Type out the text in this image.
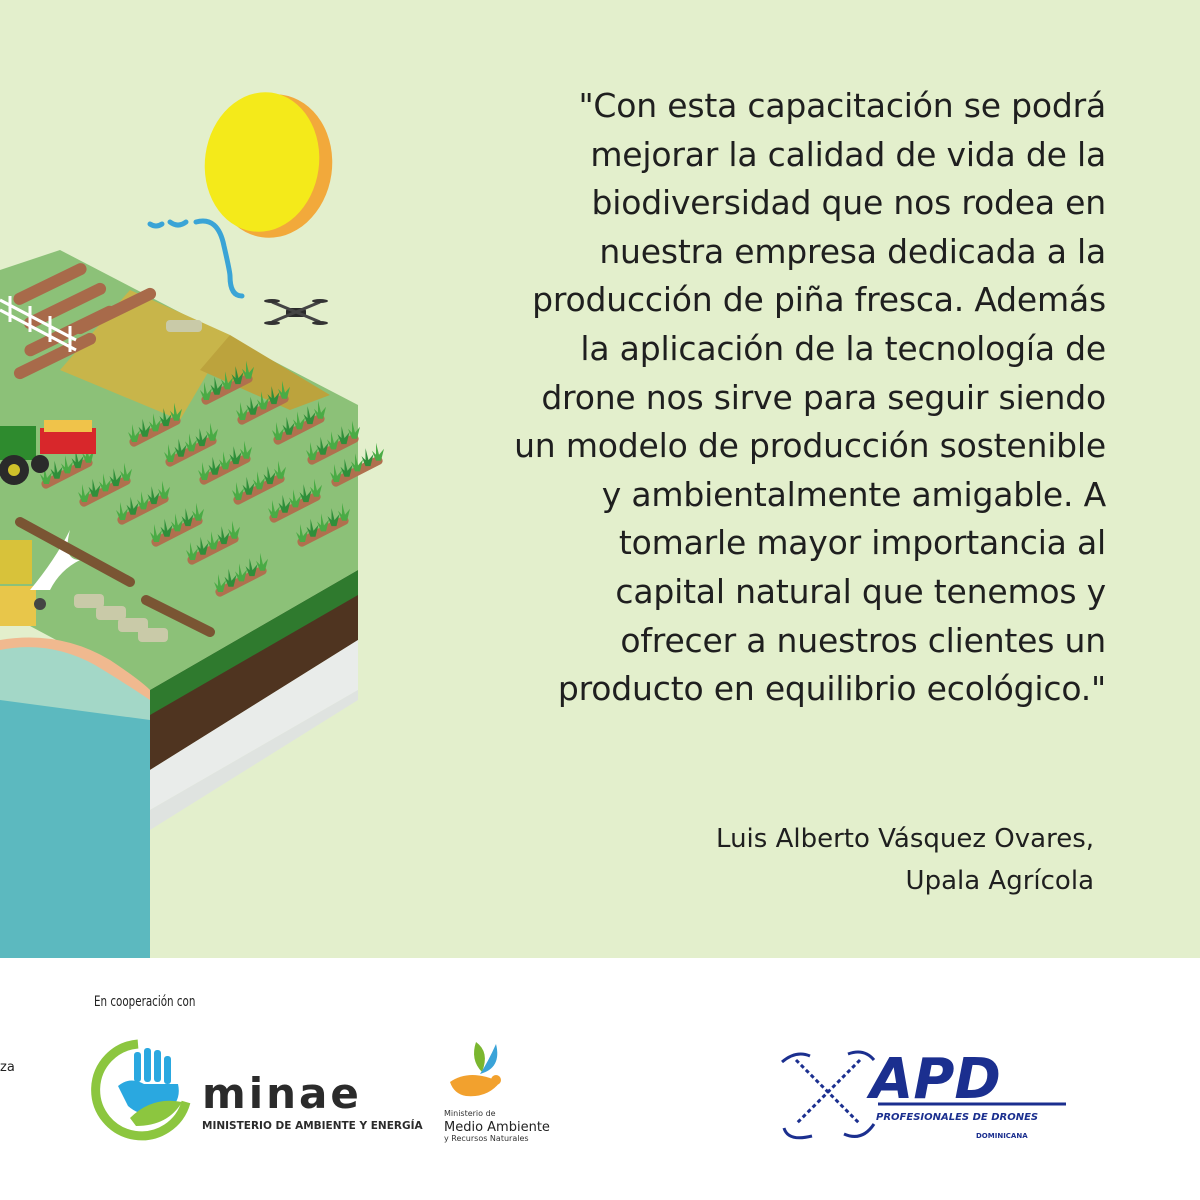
"Con esta capacitación se podrá

mejorar la calidad de vida de la

biodiversidad que nos rodea en

nuestra empresa dedicada a la

producción de piña fresca. Además

la aplicación de la tecnología de

drone nos sirve para seguir siendo

un modelo de producción sostenible

y ambientalmente amigable. A

tomarle mayor importancia al

capital natural que tenemos y

ofrecer a nuestros clientes un

producto en equilibrio ecológico."

Luis Alberto Vásquez Ovares,
Upala Agrícola
En cooperación con
za
minae
MINISTERIO DE AMBIENTE Y ENERGÍA
Ministerio de
Medio Ambiente
y Recursos Naturales
APD
PROFESIONALES DE DRONES
DOMINICANA
